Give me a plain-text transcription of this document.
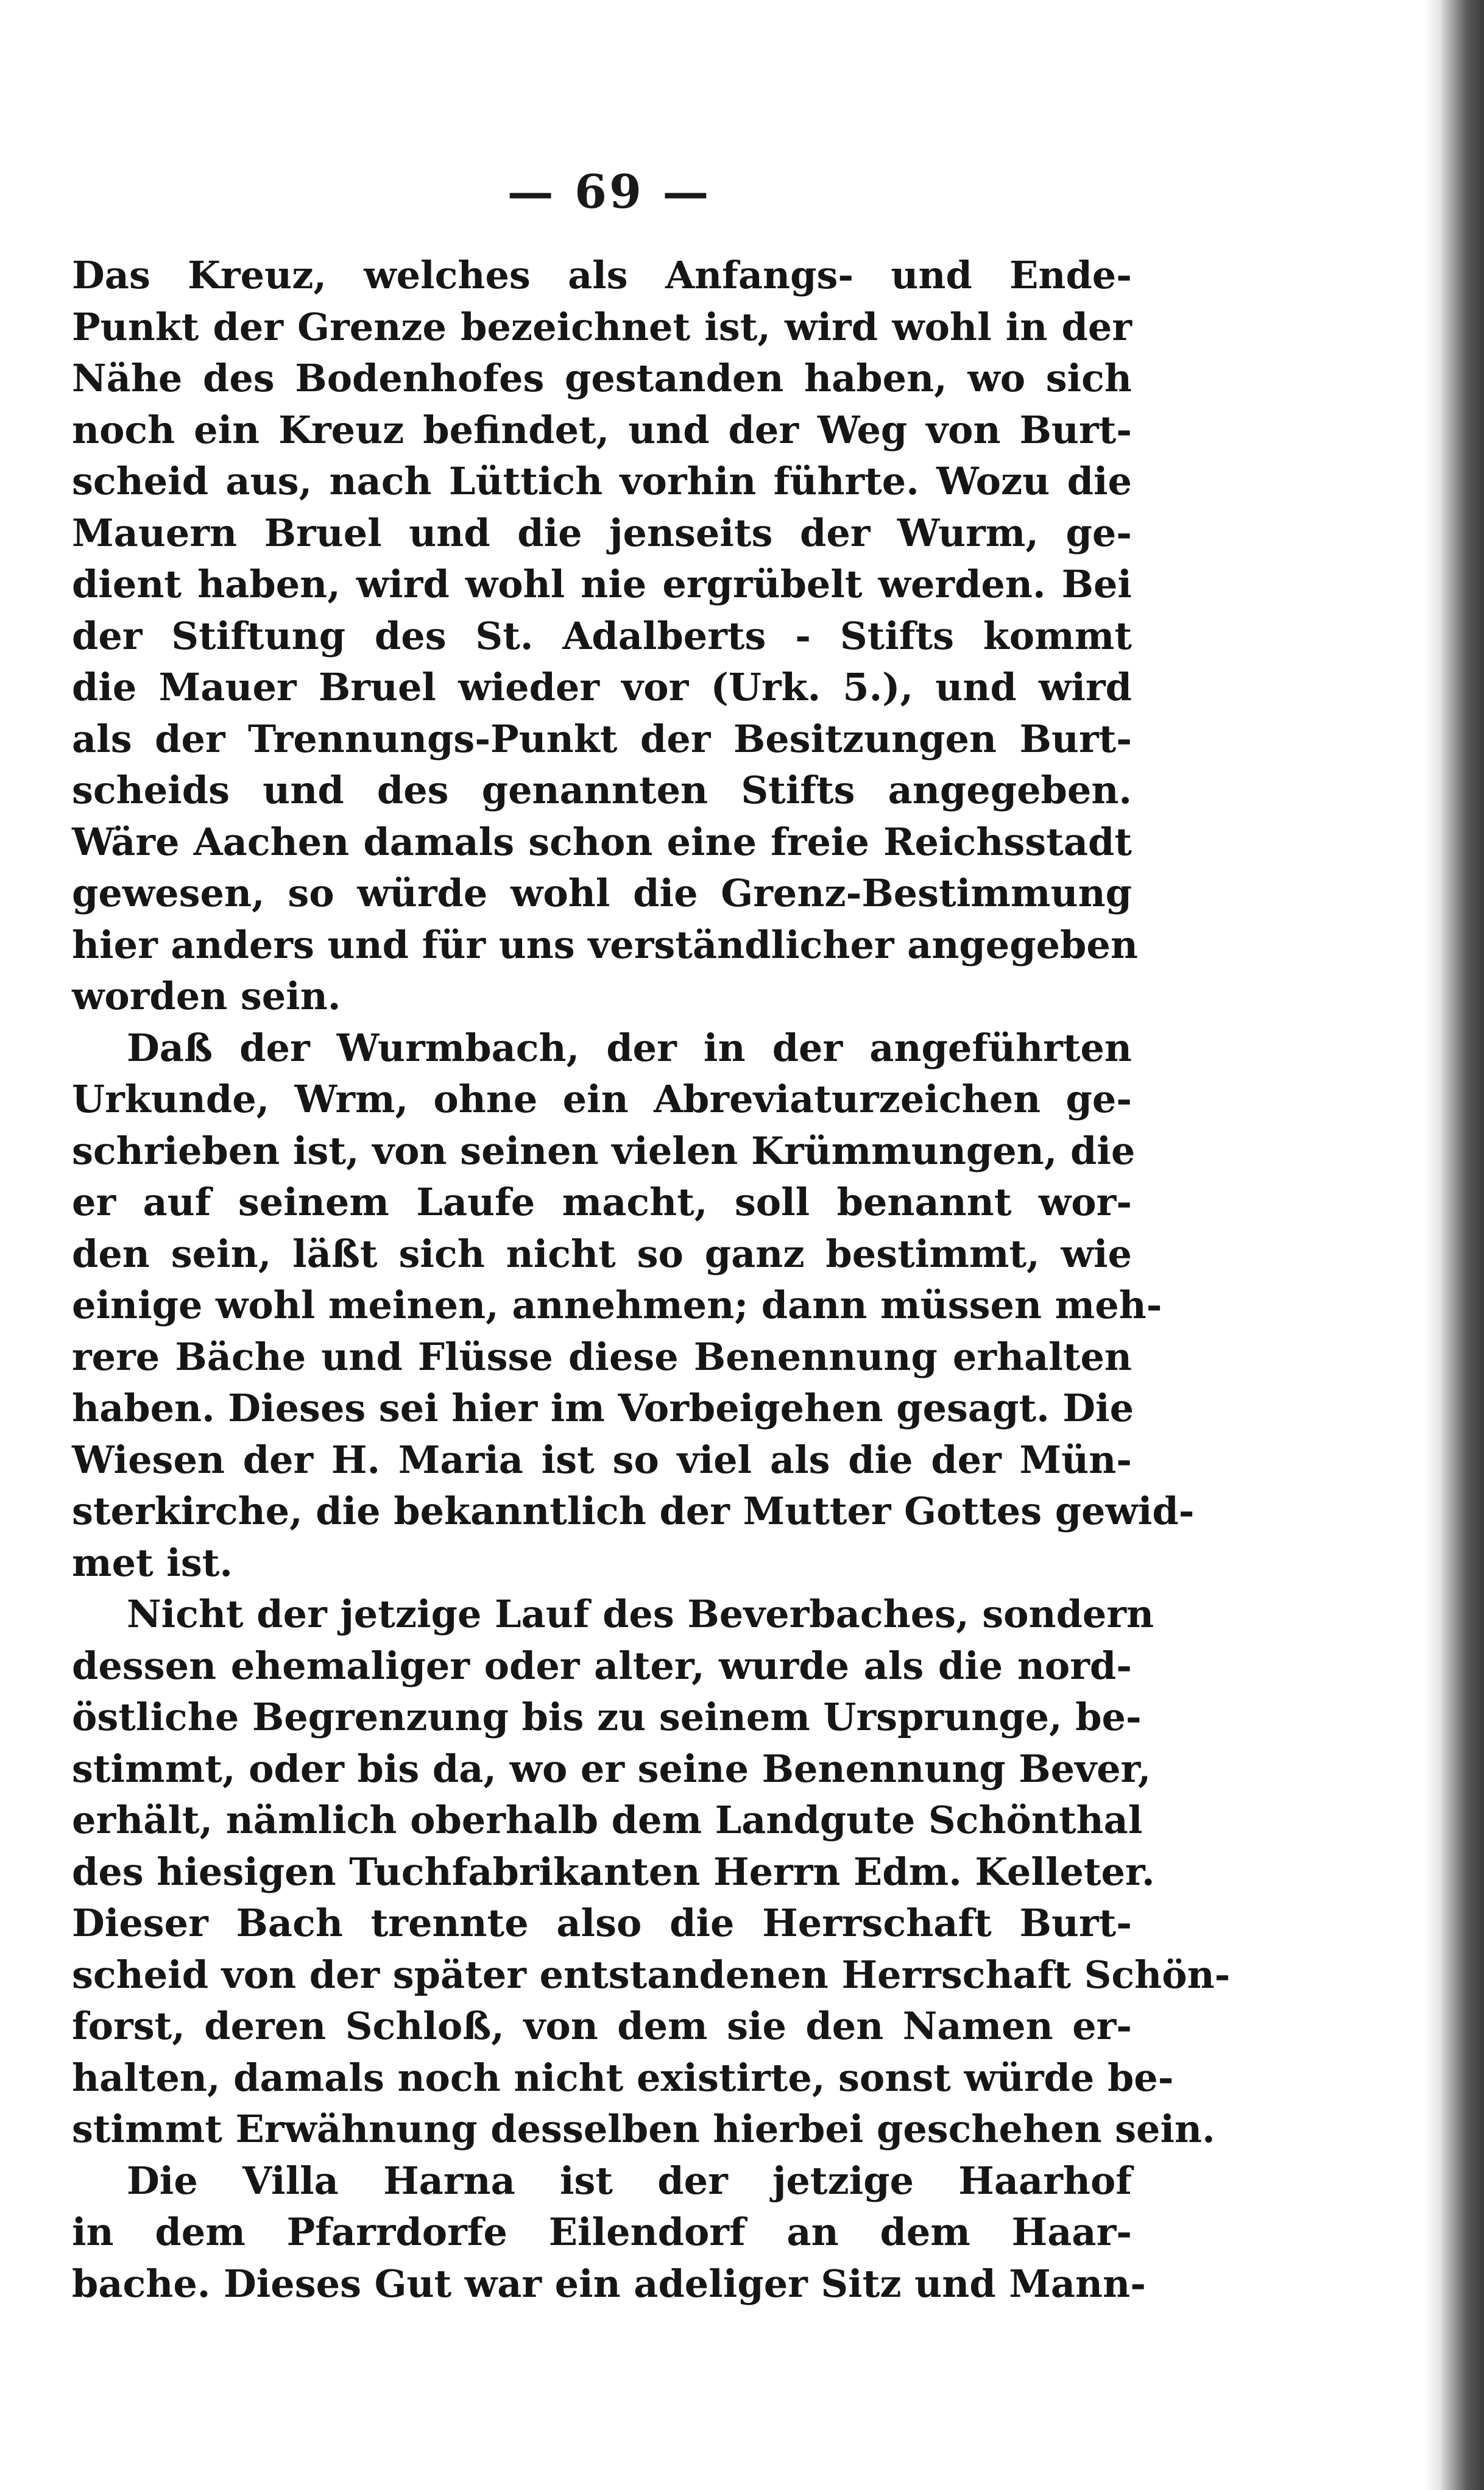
— 69 —
Das Kreuz, welches als Anfangs- und Ende-
Punkt der Grenze bezeichnet ist, wird wohl in der
Nähe des Bodenhofes gestanden haben, wo sich
noch ein Kreuz befindet, und der Weg von Burt-
scheid aus, nach Lüttich vorhin führte. Wozu die
Mauern Bruel und die jenseits der Wurm, ge-
dient haben, wird wohl nie ergrübelt werden. Bei
der Stiftung des St. Adalberts - Stifts kommt
die Mauer Bruel wieder vor (Urk. 5.), und wird
als der Trennungs-Punkt der Besitzungen Burt-
scheids und des genannten Stifts angegeben.
Wäre Aachen damals schon eine freie Reichsstadt
gewesen, so würde wohl die Grenz-Bestimmung
hier anders und für uns verständlicher angegeben
worden sein.
Daß der Wurmbach, der in der angeführten
Urkunde, Wrm, ohne ein Abreviaturzeichen ge-
schrieben ist, von seinen vielen Krümmungen, die
er auf seinem Laufe macht, soll benannt wor-
den sein, läßt sich nicht so ganz bestimmt, wie
einige wohl meinen, annehmen; dann müssen meh-
rere Bäche und Flüsse diese Benennung erhalten
haben. Dieses sei hier im Vorbeigehen gesagt. Die
Wiesen der H. Maria ist so viel als die der Mün-
sterkirche, die bekanntlich der Mutter Gottes gewid-
met ist.
Nicht der jetzige Lauf des Beverbaches, sondern
dessen ehemaliger oder alter, wurde als die nord-
östliche Begrenzung bis zu seinem Ursprunge, be-
stimmt, oder bis da, wo er seine Benennung Bever,
erhält, nämlich oberhalb dem Landgute Schönthal
des hiesigen Tuchfabrikanten Herrn Edm. Kelleter.
Dieser Bach trennte also die Herrschaft Burt-
scheid von der später entstandenen Herrschaft Schön-
forst, deren Schloß, von dem sie den Namen er-
halten, damals noch nicht existirte, sonst würde be-
stimmt Erwähnung desselben hierbei geschehen sein.
Die Villa Harna ist der jetzige Haarhof
in dem Pfarrdorfe Eilendorf an dem Haar-
bache. Dieses Gut war ein adeliger Sitz und Mann-
